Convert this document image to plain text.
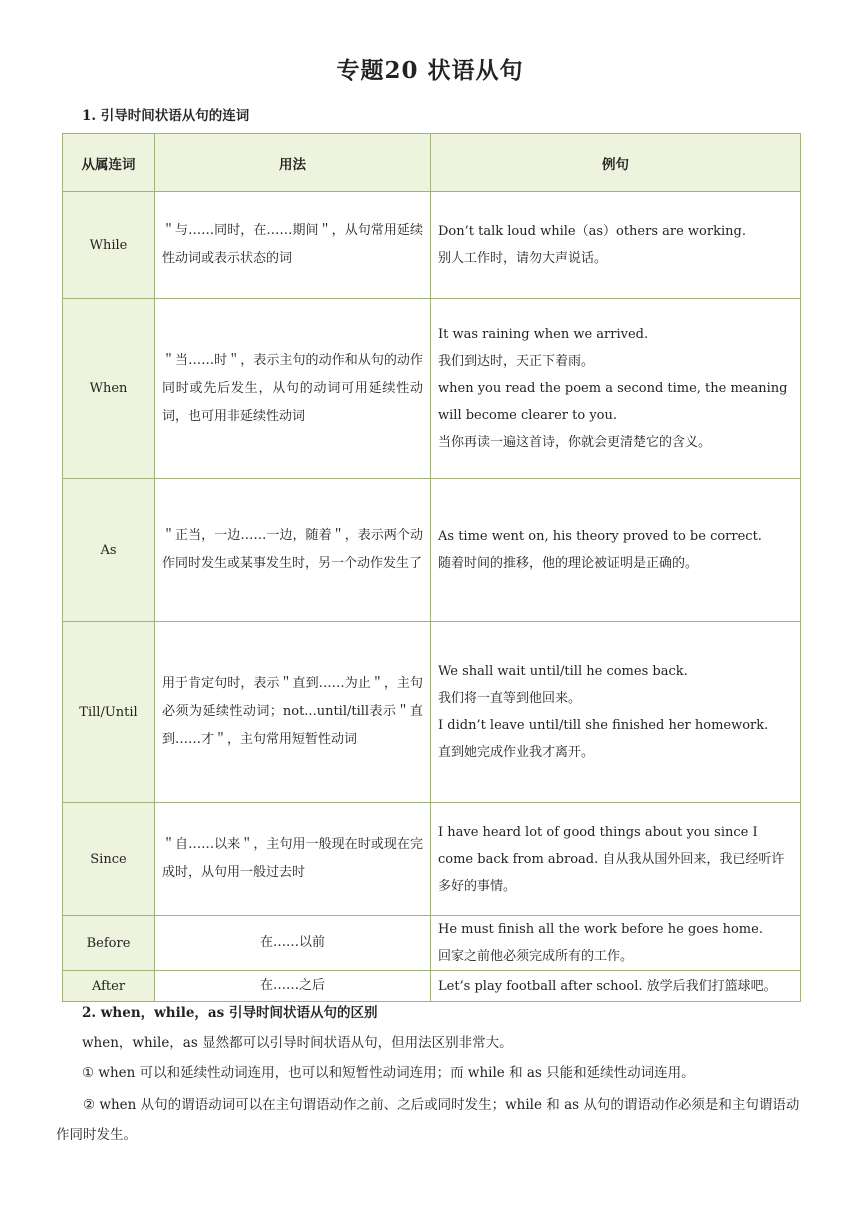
专题20 状语从句
1. 引导时间状语从句的连词
从属连词	用法	例句
While	＂与……同时，在……期间＂，从句常用延续性动词或表示状态的词	Don’t talk loud while（as）others are working.
别人工作时，请勿大声说话。

When	＂当……时＂，表示主句的动作和从句的动作同时或先后发生，从句的动词可用延续性动词，也可用非延续性动词	It was raining when we arrived.
我们到达时，天正下着雨。
when you read the poem a second time, the meaning will become clearer to you.
当你再读一遍这首诗，你就会更清楚它的含义。

As	＂正当，一边……一边，随着＂，表示两个动作同时发生或某事发生时，另一个动作发生了	As time went on, his theory proved to be correct.
随着时间的推移，他的理论被证明是正确的。

Till/Until	用于肯定句时，表示＂直到……为止＂，主句必须为延续性动词；not...until/till表示＂直到……才＂，主句常用短暂性动词	We shall wait until/till he comes back.
我们将一直等到他回来。
I didn’t leave until/till she finished her homework.
直到她完成作业我才离开。

Since	＂自……以来＂，主句用一般现在时或现在完成时，从句用一般过去时	I have heard lot of good things about you since I come back from abroad. 自从我从国外回来，我已经听许多好的事情。

Before	在……以前	He must finish all the work before he goes home.
回家之前他必须完成所有的工作。

After	在……之后	Let’s play football after school. 放学后我们打篮球吧。
2. when，while，as 引导时间状语从句的区别
when，while，as 显然都可以引导时间状语从句，但用法区别非常大。
① when 可以和延续性动词连用，也可以和短暂性动词连用；而 while 和 as 只能和延续性动词连用。
② when 从句的谓语动词可以在主句谓语动作之前、之后或同时发生；while 和 as 从句的谓语动作必须是和主句谓语动作同时发生。
